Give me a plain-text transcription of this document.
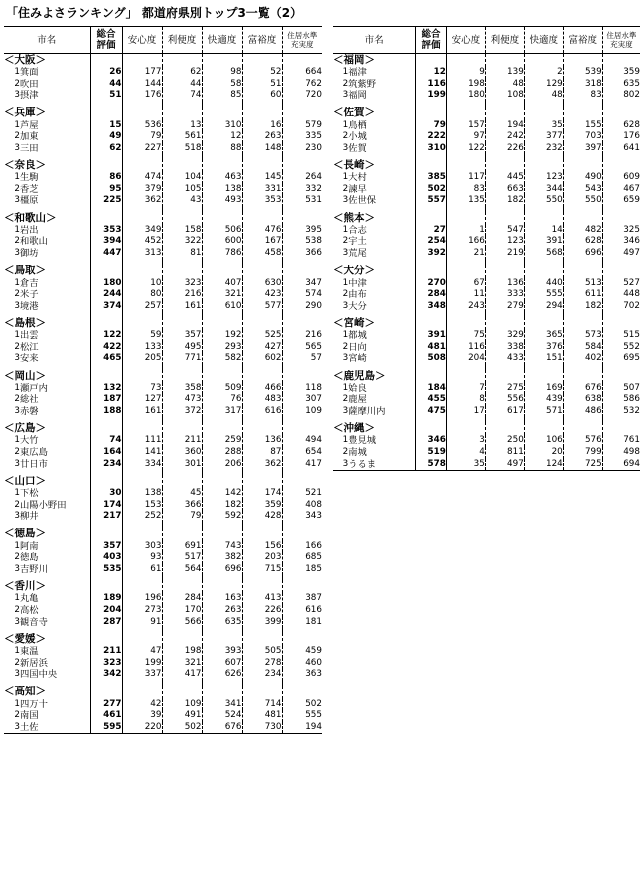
「住みよさランキング」 都道府県別トップ3一覧（2）
市名		総合
評価	安心度	利便度	快適度	富裕度	住居水準
充実度
＜大阪＞							
1	箕面	26	177	62	98	52	664
2	吹田	44	144	44	58	51	762
3	摂津	51	176	74	85	60	720

＜兵庫＞							
1	芦屋	15	536	13	310	16	579
2	加東	49	79	561	12	263	335
3	三田	62	227	518	88	148	230

＜奈良＞							
1	生駒	86	474	104	463	145	264
2	香芝	95	379	105	138	331	332
3	橿原	225	362	43	493	353	531

＜和歌山＞							
1	岩出	353	349	158	506	476	395
2	和歌山	394	452	322	600	167	538
3	御坊	447	313	81	786	458	366

＜鳥取＞							
1	倉吉	180	10	323	407	630	347
2	米子	244	80	216	321	423	574
3	境港	374	257	161	610	577	290

＜島根＞							
1	出雲	122	59	357	192	525	216
2	松江	422	133	495	293	427	565
3	安来	465	205	771	582	602	57

＜岡山＞							
1	瀬戸内	132	73	358	509	466	118
2	総社	187	127	473	76	483	307
3	赤磐	188	161	372	317	616	109

＜広島＞							
1	大竹	74	111	211	259	136	494
2	東広島	164	141	360	288	87	654
3	廿日市	234	334	301	206	362	417

＜山口＞							
1	下松	30	138	45	142	174	521
2	山陽小野田	174	153	366	182	359	408
3	柳井	217	252	79	592	428	343

＜徳島＞							
1	阿南	357	303	691	743	156	166
2	徳島	403	93	517	382	203	685
3	吉野川	535	61	564	696	715	185

＜香川＞							
1	丸亀	189	196	284	163	413	387
2	高松	204	273	170	263	226	616
3	観音寺	287	91	566	635	399	181

＜愛媛＞							
1	東温	211	47	198	393	505	459
2	新居浜	323	199	321	607	278	460
3	四国中央	342	337	417	626	234	363

＜高知＞							
1	四万十	277	42	109	341	714	502
2	南国	461	39	491	524	481	555
3	土佐	595	220	502	676	730	194
市名		総合
評価	安心度	利便度	快適度	富裕度	住居水準
充実度
＜福岡＞							
1	福津	12	9	139	2	539	359
2	筑紫野	116	198	48	129	318	635
3	福岡	199	180	108	48	83	802

＜佐賀＞							
1	鳥栖	79	157	194	35	155	628
2	小城	222	97	242	377	703	176
3	佐賀	310	122	226	232	397	641

＜長崎＞							
1	大村	385	117	445	123	490	609
2	諫早	502	83	663	344	543	467
3	佐世保	557	135	182	550	550	659

＜熊本＞							
1	合志	27	1	547	14	482	325
2	宇土	254	166	123	391	628	346
3	荒尾	392	21	219	568	696	497

＜大分＞							
1	中津	270	67	136	440	513	527
2	由布	284	11	333	555	611	448
3	大分	348	243	279	294	182	702

＜宮崎＞							
1	都城	391	75	329	365	573	515
2	日向	481	116	338	376	584	552
3	宮崎	508	204	433	151	402	695

＜鹿児島＞							
1	姶良	184	7	275	169	676	507
2	鹿屋	455	8	556	439	638	586
3	薩摩川内	475	17	617	571	486	532

＜沖縄＞							
1	豊見城	346	3	250	106	576	761
2	南城	519	4	811	20	799	498
3	うるま	578	35	497	124	725	694
